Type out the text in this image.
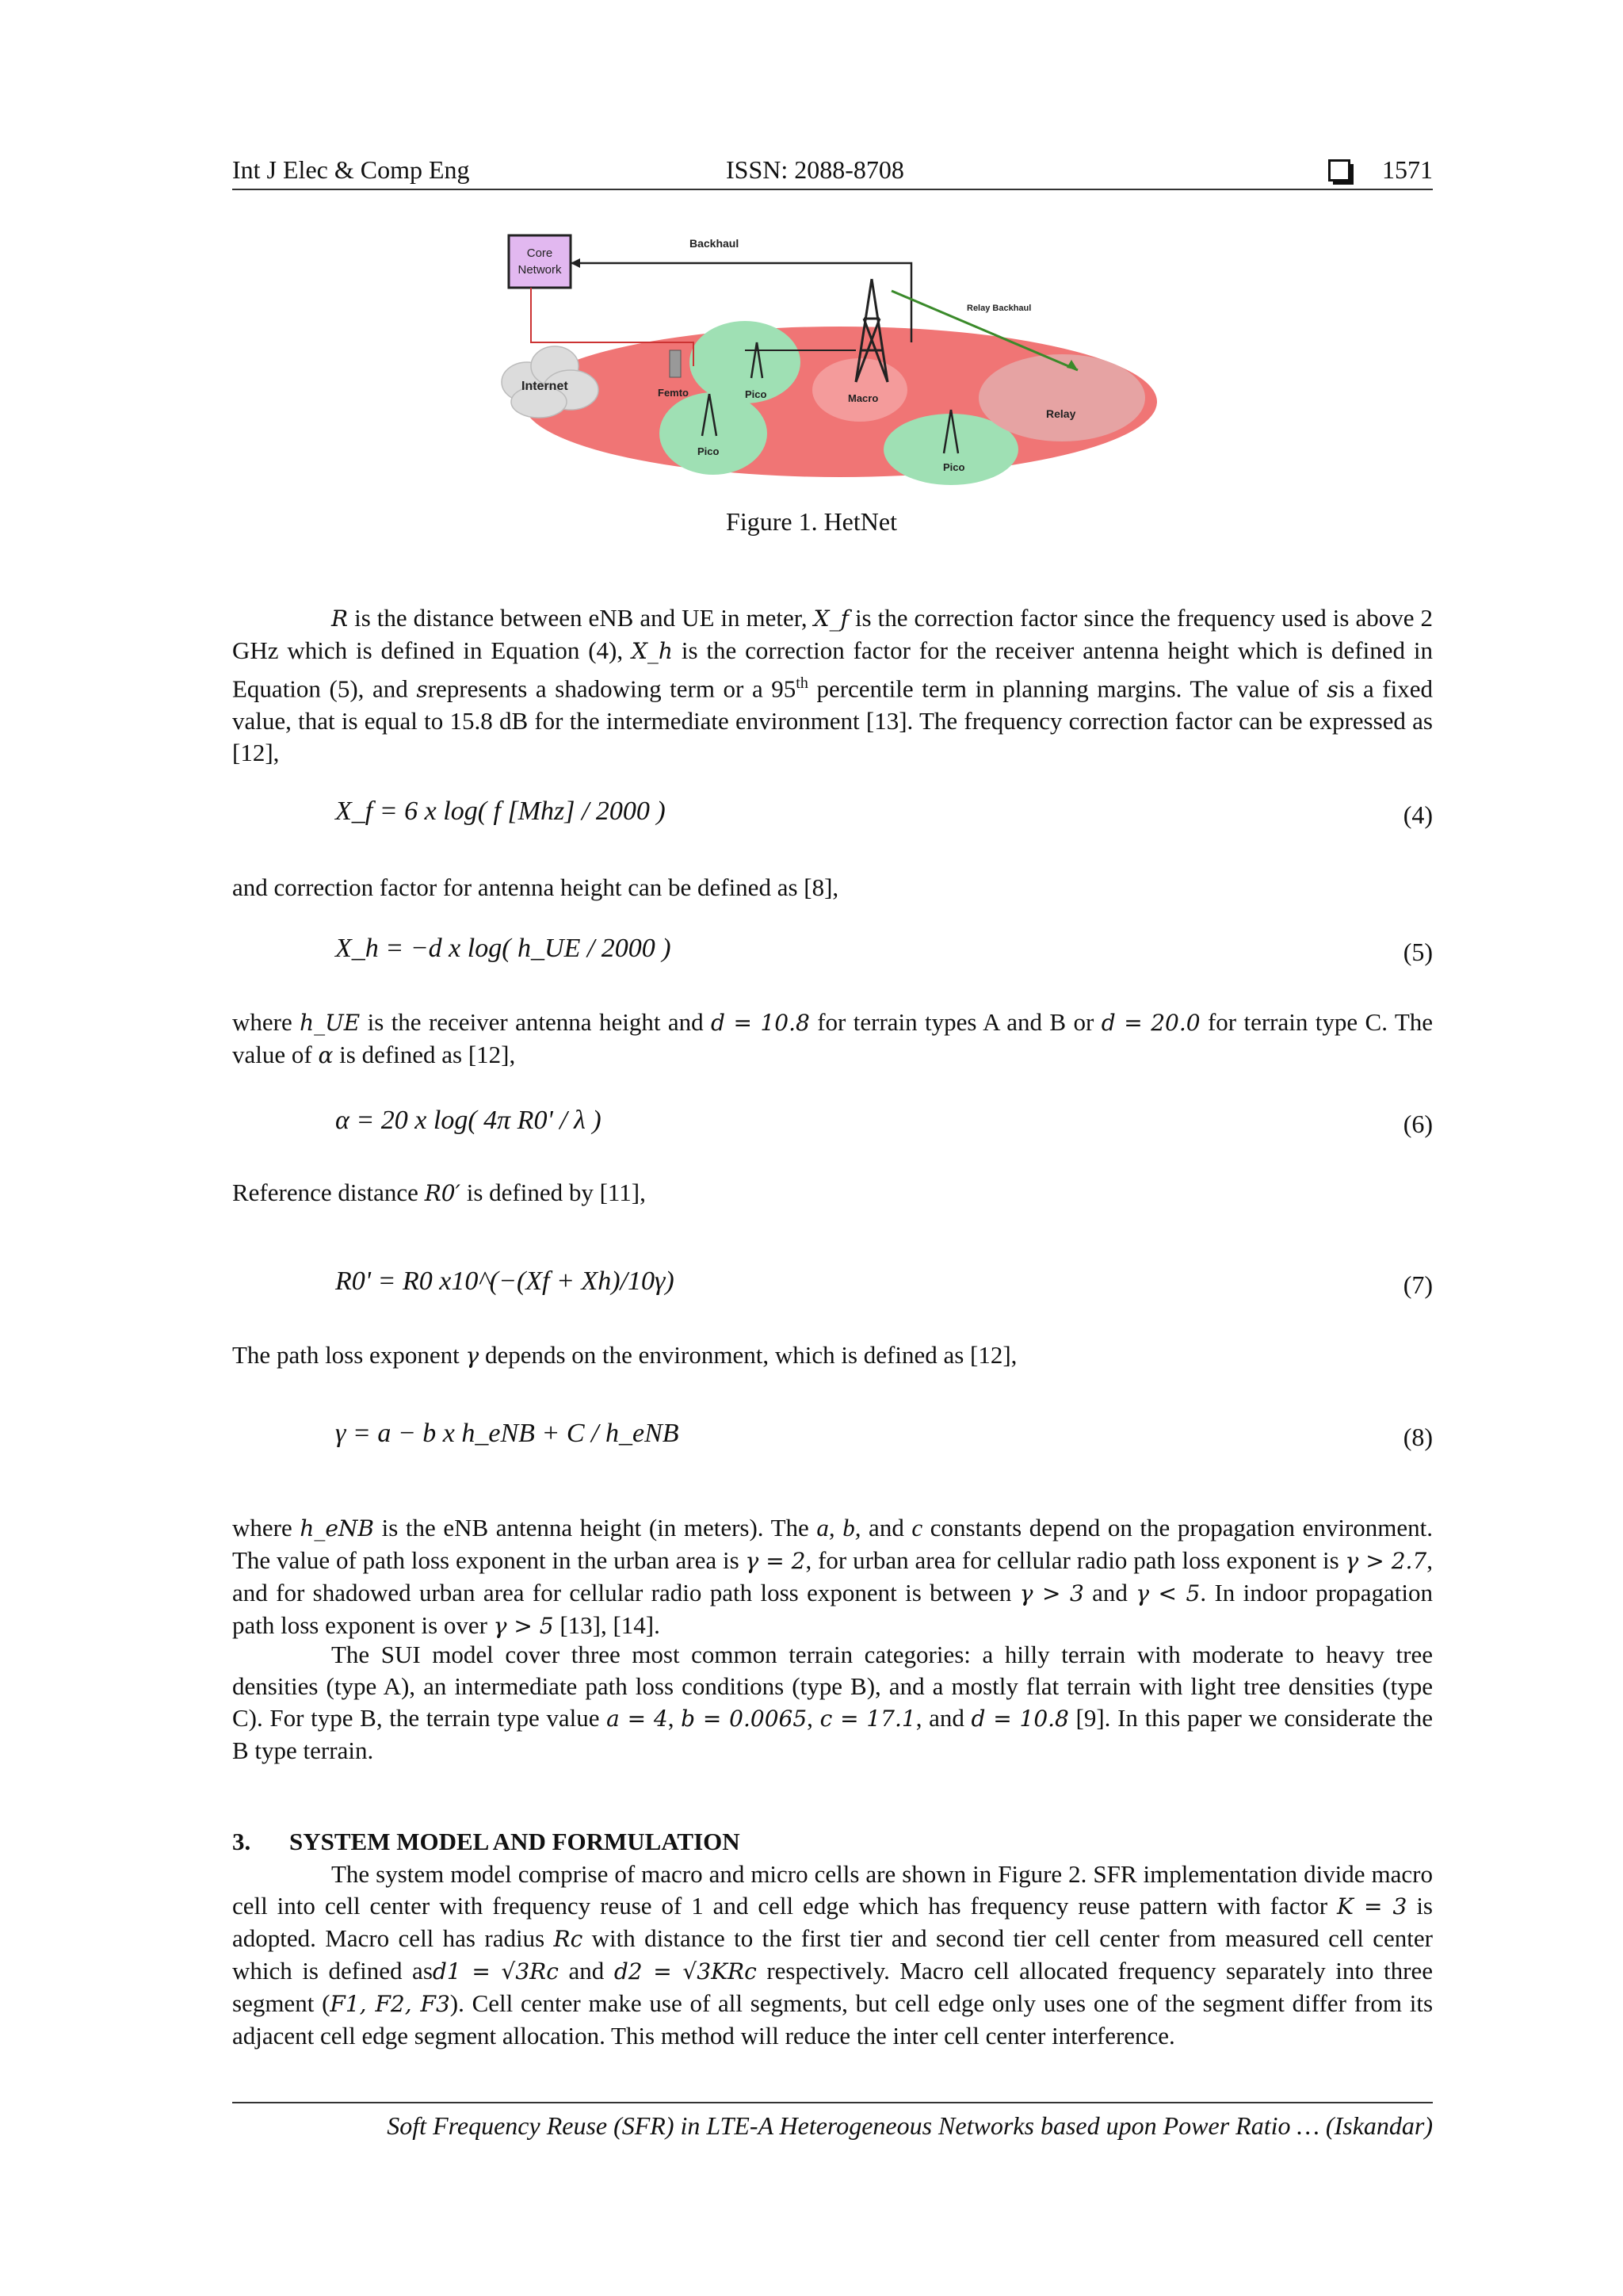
Int J Elec & Comp Eng	ISSN: 2088-8708	1571
Core
Network
Backhaul
Internet
Macro
Femto	Pico
Pico
Pico
Relay Backhaul
Relay
Figure 1. HetNet
R is the distance between eNB and UE in meter, X_f is the correction factor since the frequency used is above 2 GHz which is defined in Equation (4), X_h is the correction factor for the receiver antenna height which is defined in Equation (5), and srepresents a shadowing term or a 95th percentile term in planning margins. The value of sis a fixed value, that is equal to 15.8 dB for the intermediate environment [13]. The frequency correction factor can be expressed as [12],
X_f = 6 x log( f [Mhz] / 2000 )	(4)
and correction factor for antenna height can be defined as [8],
X_h = −d x log( h_UE / 2000 )	(5)
where h_UE is the receiver antenna height and d = 10.8 for terrain types A and B or d = 20.0 for terrain type C. The value of α is defined as [12],
α = 20 x log( 4π R0' / λ )	(6)
Reference distance R0′ is defined by [11],
R0' = R0 x10^(−(Xf + Xh)/10γ)	(7)
The path loss exponent γ depends on the environment, which is defined as [12],
γ = a − b x h_eNB + C / h_eNB	(8)
where h_eNB is the eNB antenna height (in meters). The a, b, and c constants depend on the propagation environment. The value of path loss exponent in the urban area is γ = 2, for urban area for cellular radio path loss exponent is γ > 2.7, and for shadowed urban area for cellular radio path loss exponent is between γ > 3 and γ < 5. In indoor propagation path loss exponent is over γ > 5 [13], [14].
The SUI model cover three most common terrain categories: a hilly terrain with moderate to heavy tree densities (type A), an intermediate path loss conditions (type B), and a mostly flat terrain with light tree densities (type C). For type B, the terrain type value a = 4, b = 0.0065, c = 17.1, and d = 10.8 [9]. In this paper we considerate the B type terrain.
3. SYSTEM MODEL AND FORMULATION
The system model comprise of macro and micro cells are shown in Figure 2. SFR implementation divide macro cell into cell center with frequency reuse of 1 and cell edge which has frequency reuse pattern with factor K = 3 is adopted. Macro cell has radius Rc with distance to the first tier and second tier cell center from measured cell center which is defined asd1 = √3Rc and d2 = √3KRc respectively. Macro cell allocated frequency separately into three segment (F1, F2, F3). Cell center make use of all segments, but cell edge only uses one of the segment differ from its adjacent cell edge segment allocation. This method will reduce the inter cell center interference.
Soft Frequency Reuse (SFR) in LTE-A Heterogeneous Networks based upon Power Ratio … (Iskandar)
